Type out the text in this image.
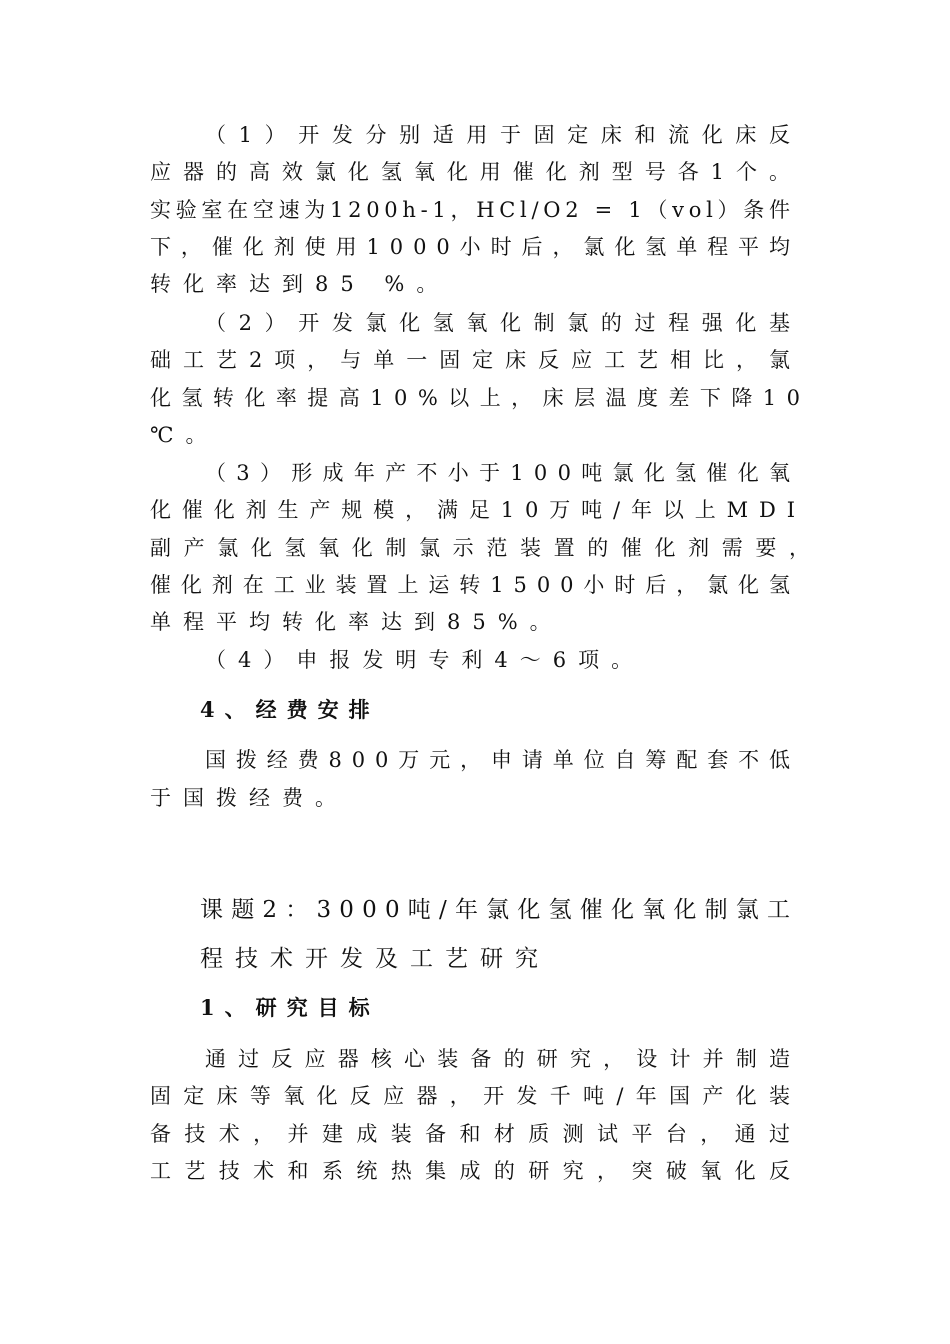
（1）开发分别适用于固定床和流化床反
应器的高效氯化氢氧化用催化剂型号各1个。
实验室在空速为1200h-1，HCl/O2 = 1（vol）条件
下，催化剂使用1000小时后，氯化氢单程平均
转化率达到85 %。
（2）开发氯化氢氧化制氯的过程强化基
础工艺2项，与单一固定床反应工艺相比，氯
化氢转化率提高10%以上，床层温度差下降10
℃。
（3）形成年产不小于100吨氯化氢催化氧
化催化剂生产规模，满足10万吨/年以上MDI
副产氯化氢氧化制氯示范装置的催化剂需要，
催化剂在工业装置上运转1500小时后，氯化氢
单程平均转化率达到85%。
（4）申报发明专利4～6项。
4、经费安排
国拨经费800万元，申请单位自筹配套不低
于国拨经费。
课题2：3000吨/年氯化氢催化氧化制氯工
程技术开发及工艺研究
1、研究目标
通过反应器核心装备的研究，设计并制造
固定床等氧化反应器，开发千吨/年国产化装
备技术，并建成装备和材质测试平台，通过
工艺技术和系统热集成的研究，突破氧化反
